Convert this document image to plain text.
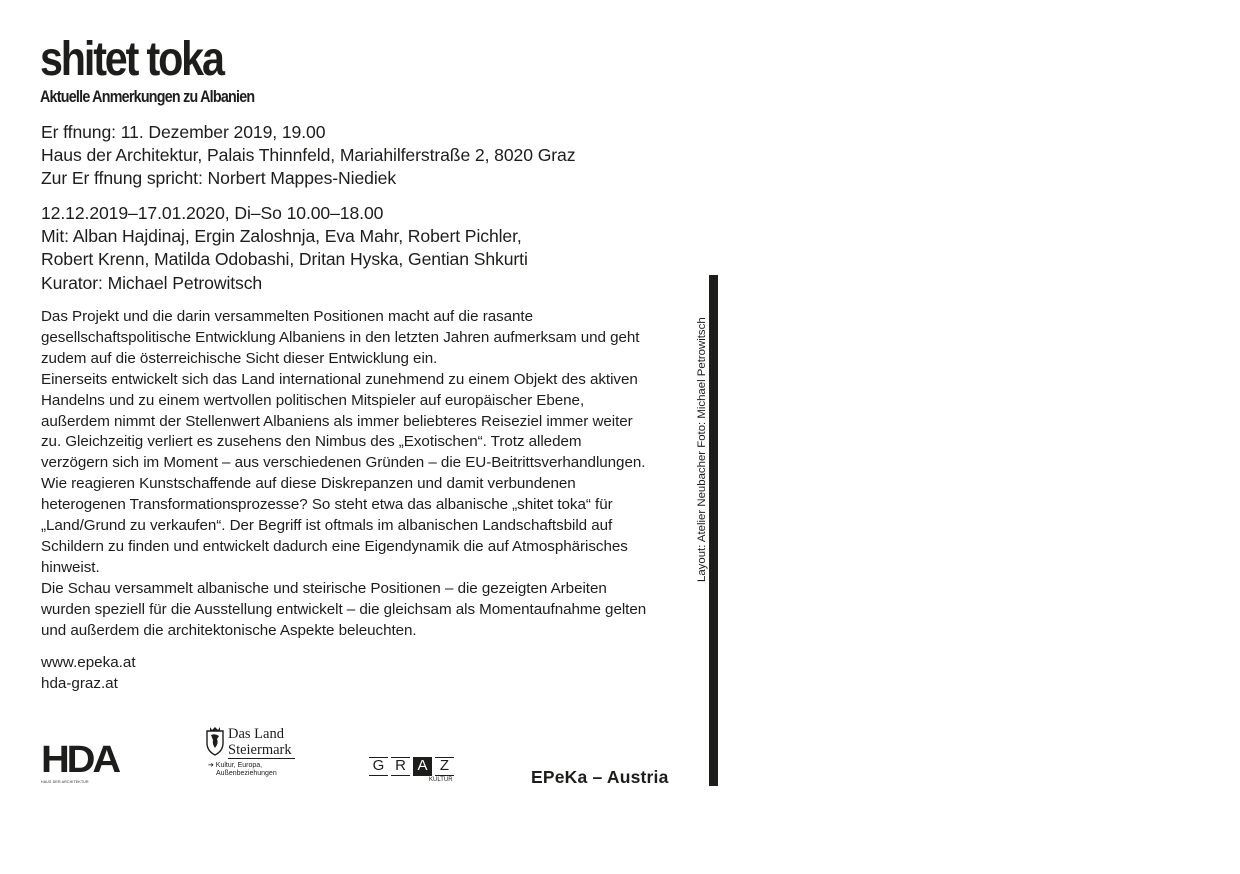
shitet toka
Aktuelle Anmerkungen zu Albanien
Er ffnung: 11. Dezember 2019, 19.00
Haus der Architektur, Palais Thinnfeld, Mariahilferstraße 2, 8020 Graz
Zur Er ffnung spricht: Norbert Mappes-Niediek
12.12.2019–17.01.2020, Di–So 10.00–18.00
Mit: Alban Hajdinaj, Ergin Zaloshnja, Eva Mahr, Robert Pichler,
Robert Krenn, Matilda Odobashi, Dritan Hyska, Gentian Shkurti
Kurator: Michael Petrowitsch

Das Projekt und die darin versammelten Positionen macht auf die rasante gesellschaftspolitische Entwicklung Albaniens in den letzten Jahren aufmerksam und geht zudem auf die österreichische Sicht dieser Entwicklung ein.

Einerseits entwickelt sich das Land international zunehmend zu einem Objekt des aktiven Handelns und zu einem wertvollen politischen Mitspieler auf europäischer Ebene, außerdem nimmt der Stellenwert Albaniens als immer beliebteres Reiseziel immer weiter zu. Gleichzeitig verliert es zusehens den Nimbus des „Exotischen“. Trotz alledem verzögern sich im Moment – aus verschiedenen Gründen – die EU-Beitrittsverhandlungen. Wie reagieren Kunstschaffende auf diese Diskrepanzen und damit verbundenen heterogenen Transformationsprozesse? So steht etwa das albanische „shitet toka“ für „Land/Grund zu verkaufen“. Der Begriff ist oftmals im albanischen Landschaftsbild auf Schildern zu finden und entwickelt dadurch eine Eigendynamik die auf Atmosphärisches hinweist.

Die Schau versammelt albanische und steirische Positionen – die gezeigten Arbeiten wurden speziell für die Ausstellung entwickelt – die gleichsam als Momentaufnahme gelten und außerdem die architektonische Aspekte beleuchten.

www.epeka.at
hda-graz.at
Layout: Atelier Neubacher Foto: Michael Petrowitsch
HDA
HAUS DER ARCHITEKTUR
Das Land
Steiermark
➔ Kultur, Europa,
Außenbeziehungen	G R A Z
KULTUR	EPeKa – Austria
